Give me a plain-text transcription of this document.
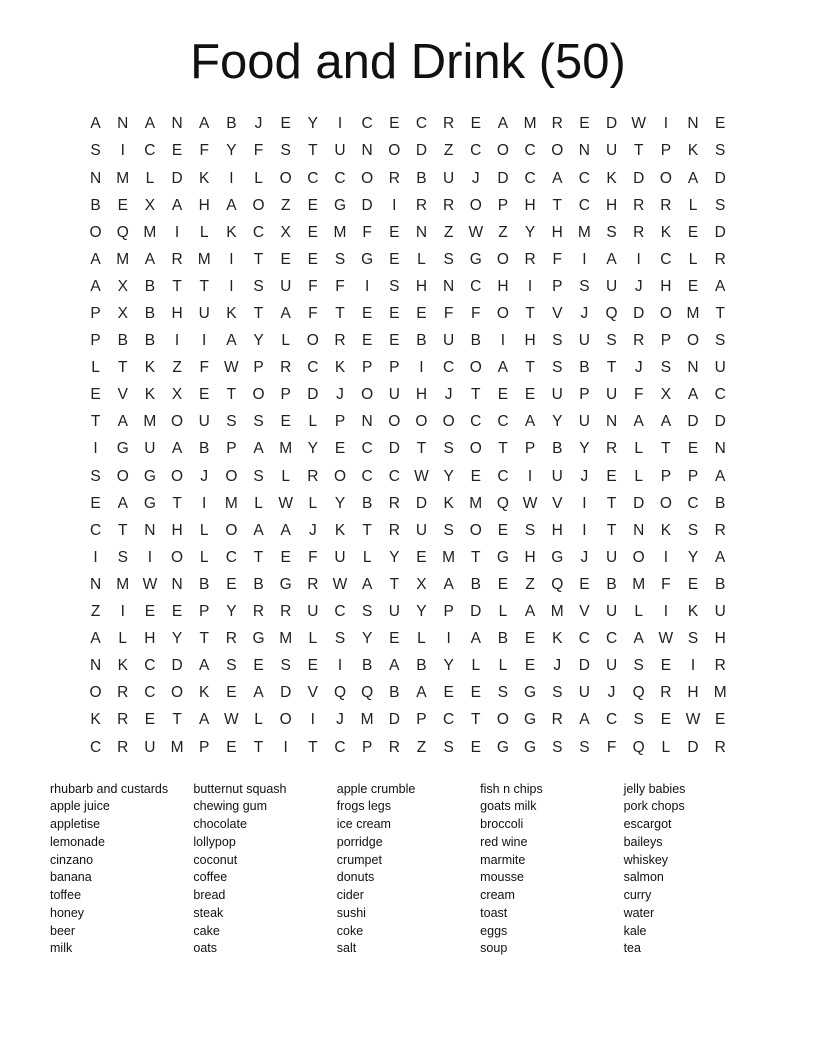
Food and Drink (50)
A	N	A	N	A	B	J	E	Y	I	C	E	C	R	E	A	M R	E	D W	I	N	E
S	I	C	E	F	Y	F	S	T	U	N	O	D	Z	C	O	C	O	N	U	T	P	K	S
N M	L	D	K	I	L	O	C	C	O	R	B	U	J	D	C	A	C	K	D	O	A	D
B	E	X	A	H	A	O	Z	E	G	D	I	R	R	O	P	H	T	C	H	R	R	L	S
O Q M	I	L	K	C	X	E	M	F	E	N	Z W Z	Y	H M	S	R	K	E	D
A	M	A	R M	I	T	E	E	S	G	E	L	S	G O	R	F	I	A	I	C	L	R
A	X	B	T	T	I	S	U	F	F	I	S	H	N	C	H	I	P	S	U	J	H	E	A
P	X	B	H	U	K	T	A	F	T	E	E	E	F	F	O	T	V	J	Q	D	O M	T
P	B	B	I	I	A	Y	L	O	R	E	E	B	U	B	I	H	S	U	S	R	P	O	S
L	T	K	Z	F W P	R	C	K	P	P	I	C	O	A	T	S	B	T	J	S	N	U
E	V	K	X	E	T	O	P	D	J	O	U	H	J	T	E	E	U	P	U	F	X	A	C
T	A	M O	U	S	S	E	L	P	N	O O O	C	C	A	Y	U	N	A	A	D	D
I	G	U	A	B	P	A	M	Y	E	C	D	T	S	O	T	P	B	Y	R	L	T	E	N
S	O G O	J	O	S	L	R	O	C	C W Y	E	C	I	U	J	E	L	P	P	A
E	A	G	T	I	M	L	W	L	Y	B	R	D	K	M Q W V	I	T	D	O	C	B
C	T	N	H	L	O	A	A	J	K	T	R	U	S	O	E	S	H	I	T	N	K	S	R
I	S	I	O	L	C	T	E	F	U	L	Y	E	M	T	G	H	G	J	U	O	I	Y	A
N M W N	B	E	B	G	R W A	T	X	A	B	E	Z	Q	E	B	M	F	E	B
Z	I	E	E	P	Y	R	R	U	C	S	U	Y	P	D	L	A	M	V	U	L	I	K	U
A	L	H	Y	T	R	G M	L	S	Y	E	L	I	A	B	E	K	C	C	A W S	H
N	K	C	D	A	S	E	S	E	I	B	A	B	Y	L	L	E	J	D	U	S	E	I	R
O	R	C	O	K	E	A	D	V	Q Q	B	A	E	E	S	G	S	U	J	Q	R	H M
K	R	E	T	A W	L	O	I	J	M D	P	C	T	O G	R	A	C	S	E W E
C	R	U M	P	E	T	I	T	C	P	R	Z	S	E	G G	S	S	F	Q	L	D	R
rhubarb and custards
apple juice
appletise
lemonade
cinzano
banana
toffee
honey
beer
milk
butternut squash
chewing gum
chocolate
lollypop
coconut
coffee
bread
steak
cake
oats
apple crumble
frogs legs
ice cream
porridge
crumpet
donuts
cider
sushi
coke
salt
fish n chips
goats milk
broccoli
red wine
marmite
mousse
cream
toast
eggs
soup
jelly babies
pork chops
escargot
baileys
whiskey
salmon
curry
water
kale
tea
